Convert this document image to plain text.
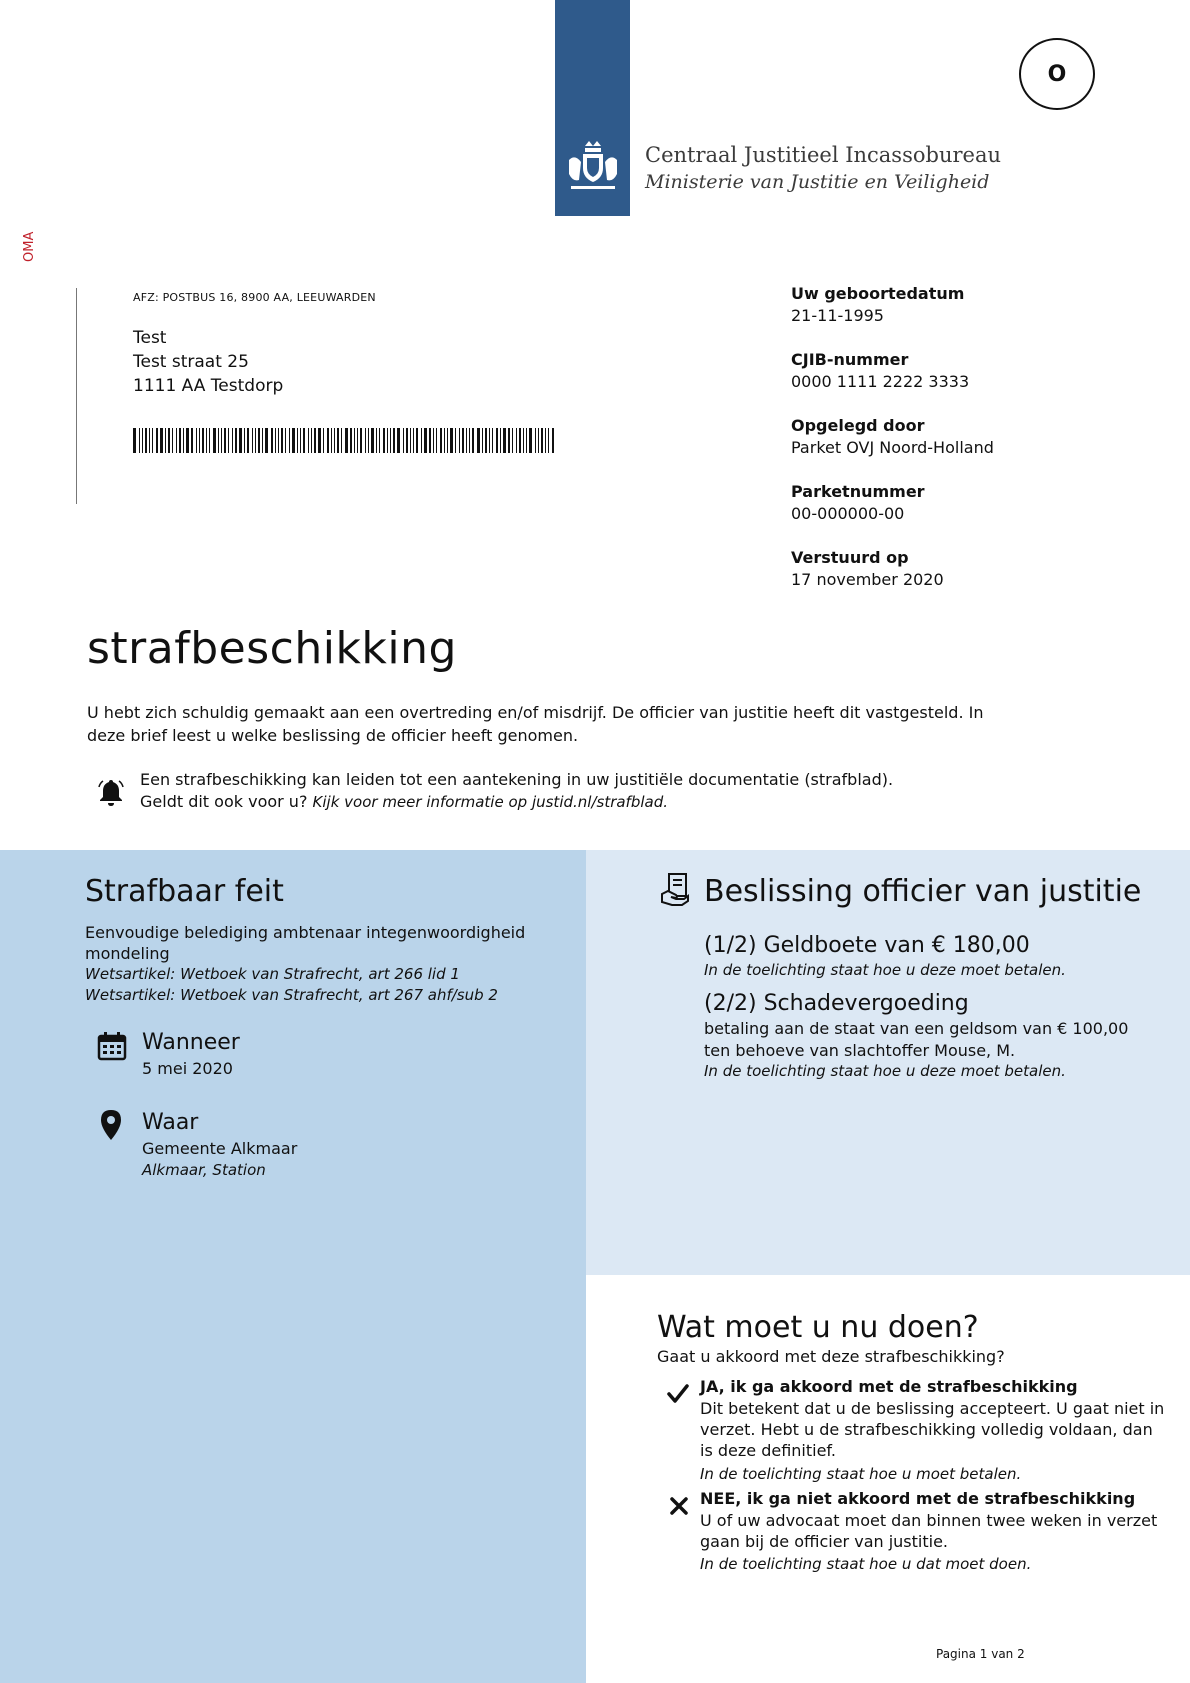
Centraal Justitieel Incassobureau
Ministerie van Justitie en Veiligheid
O
OMA
AFZ: POSTBUS 16, 8900 AA, LEEUWARDEN
Test
Test straat 25
1111 AA Testdorp
Uw geboortedatum
21-11-1995
CJIB-nummer
0000 1111 2222 3333
Opgelegd door
Parket OVJ Noord-Holland
Parketnummer
00-000000-00
Verstuurd op
17 november 2020
strafbeschikking
U hebt zich schuldig gemaakt aan een overtreding en/of misdrijf. De officier van justitie heeft dit vastgesteld. In deze brief leest u welke beslissing de officier heeft genomen.
Een strafbeschikking kan leiden tot een aantekening in uw justitiële documentatie (strafblad).
Geldt dit ook voor u? Kijk voor meer informatie op justid.nl/strafblad.
Strafbaar feit
Eenvoudige belediging ambtenaar integenwoordigheid mondeling
Wetsartikel: Wetboek van Strafrecht, art 266 lid 1
Wetsartikel: Wetboek van Strafrecht, art 267 ahf/sub 2
Wanneer
5 mei 2020
Waar
Gemeente Alkmaar
Alkmaar, Station
Beslissing officier van justitie
(1/2) Geldboete van € 180,00
In de toelichting staat hoe u deze moet betalen.
(2/2) Schadevergoeding
betaling aan de staat van een geldsom van € 100,00
ten behoeve van slachtoffer Mouse, M.
In de toelichting staat hoe u deze moet betalen.
Wat moet u nu doen?
Gaat u akkoord met deze strafbeschikking?
JA, ik ga akkoord met de strafbeschikking
Dit betekent dat u de beslissing accepteert. U gaat niet in verzet. Hebt u de strafbeschikking volledig voldaan, dan is deze definitief.
In de toelichting staat hoe u moet betalen.
NEE, ik ga niet akkoord met de strafbeschikking
U of uw advocaat moet dan binnen twee weken in verzet gaan bij de officier van justitie.
In de toelichting staat hoe u dat moet doen.
Pagina 1 van 2
